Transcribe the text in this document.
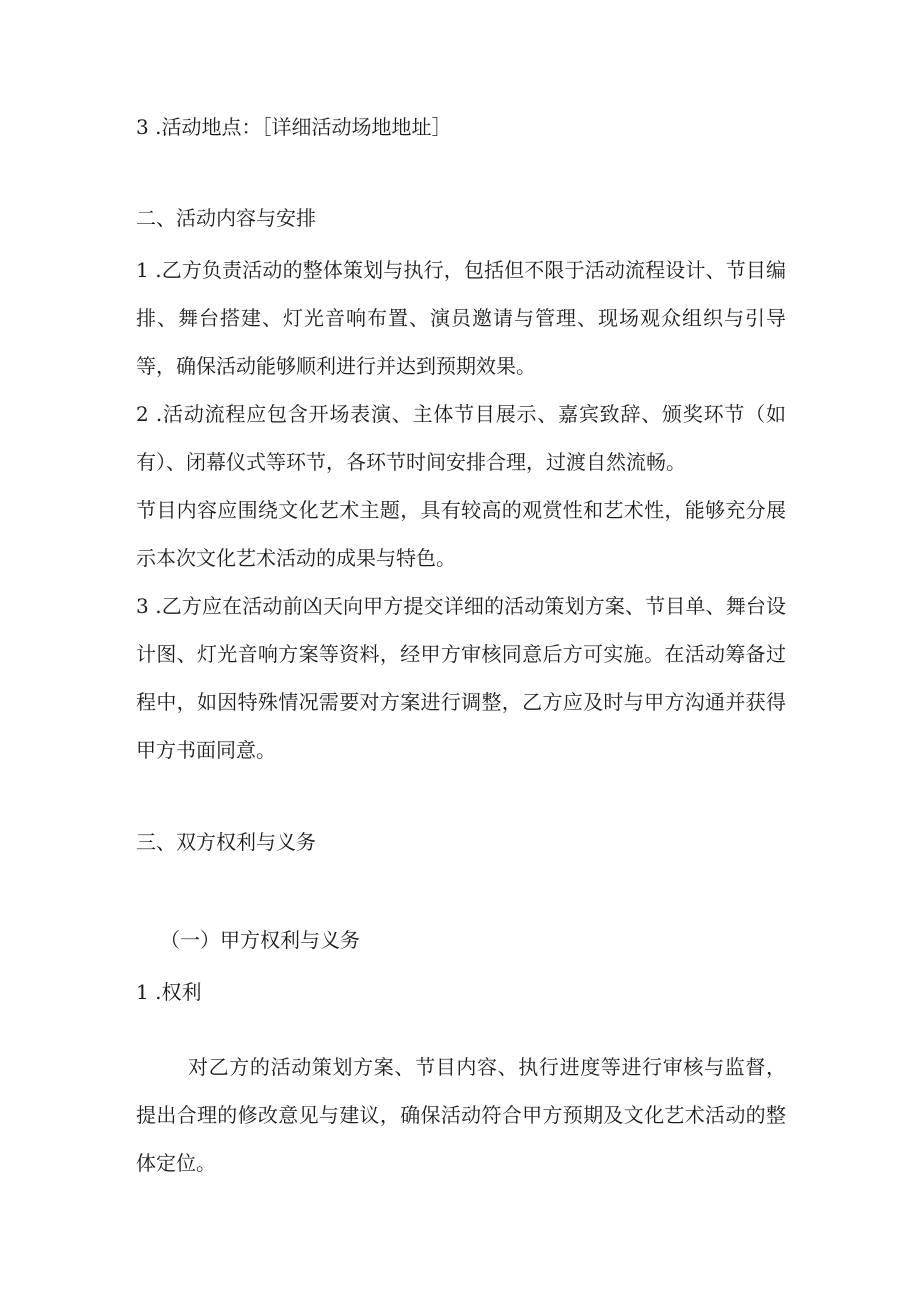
3 .活动地点：［详细活动场地地址］

二、活动内容与安排

1 .乙方负责活动的整体策划与执行，包括但不限于活动流程设计、节目编排、舞台搭建、灯光音响布置、演员邀请与管理、现场观众组织与引导等，确保活动能够顺利进行并达到预期效果。

2 .活动流程应包含开场表演、主体节目展示、嘉宾致辞、颁奖环节（如有）、闭幕仪式等环节，各环节时间安排合理，过渡自然流畅。

节目内容应围绕文化艺术主题，具有较高的观赏性和艺术性，能够充分展示本次文化艺术活动的成果与特色。

3 .乙方应在活动前凶天向甲方提交详细的活动策划方案、节目单、舞台设计图、灯光音响方案等资料，经甲方审核同意后方可实施。在活动筹备过程中，如因特殊情况需要对方案进行调整，乙方应及时与甲方沟通并获得甲方书面同意。

三、双方权利与义务

（一）甲方权利与义务

1 .权利

对乙方的活动策划方案、节目内容、执行进度等进行审核与监督，提出合理的修改意见与建议，确保活动符合甲方预期及文化艺术活动的整体定位。
